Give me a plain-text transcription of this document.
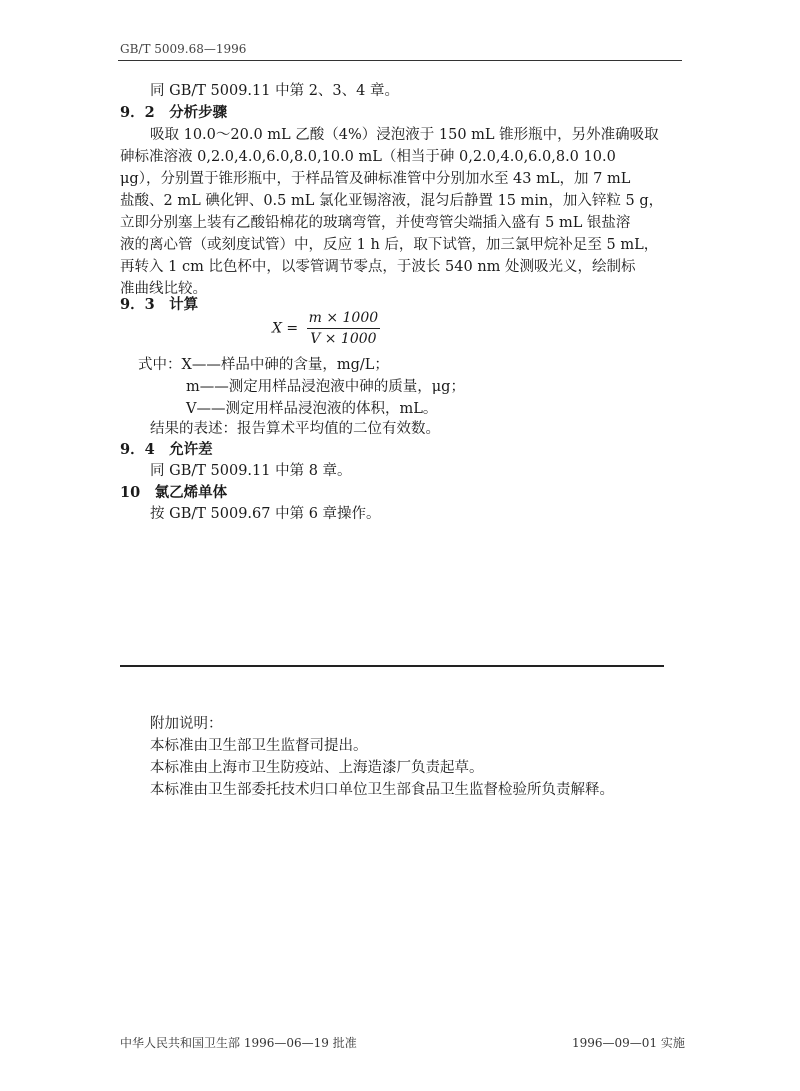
GB/T 5009.68—1996
同 GB/T 5009.11 中第 2、3、4 章。
9．2　分析步骤
吸取 10.0～20.0 mL 乙酸（4%）浸泡液于 150 mL 锥形瓶中，另外准确吸取
砷标准溶液 0,2.0,4.0,6.0,8.0,10.0 mL（相当于砷 0,2.0,4.0,6.0,8.0 10.0
μg），分别置于锥形瓶中，于样品管及砷标准管中分别加水至 43 mL，加 7 mL
盐酸、2 mL 碘化钾、0.5 mL 氯化亚锡溶液，混匀后静置 15 min，加入锌粒 5 g，
立即分别塞上装有乙酸铅棉花的玻璃弯管，并使弯管尖端插入盛有 5 mL 银盐溶
液的离心管（或刻度试管）中，反应 1 h 后，取下试管，加三氯甲烷补足至 5 mL，
再转入 1 cm 比色杯中，以零管调节零点，于波长 540 nm 处测吸光义，绘制标
准曲线比较。
9．3　计算
$X = \frac{m \times 1000}{V \times 1000}$
式中：X——样品中砷的含量，mg/L；
m——测定用样品浸泡液中砷的质量，μg；
V——测定用样品浸泡液的体积，mL。
结果的表述：报告算术平均值的二位有效数。
9．4　允许差
同 GB/T 5009.11 中第 8 章。
10　氯乙烯单体
按 GB/T 5009.67 中第 6 章操作。
附加说明：
本标准由卫生部卫生监督司提出。
本标准由上海市卫生防疫站、上海造漆厂负责起草。
本标准由卫生部委托技术归口单位卫生部食品卫生监督检验所负责解释。
中华人民共和国卫生部 1996—06—19 批准	1996—09—01 实施
